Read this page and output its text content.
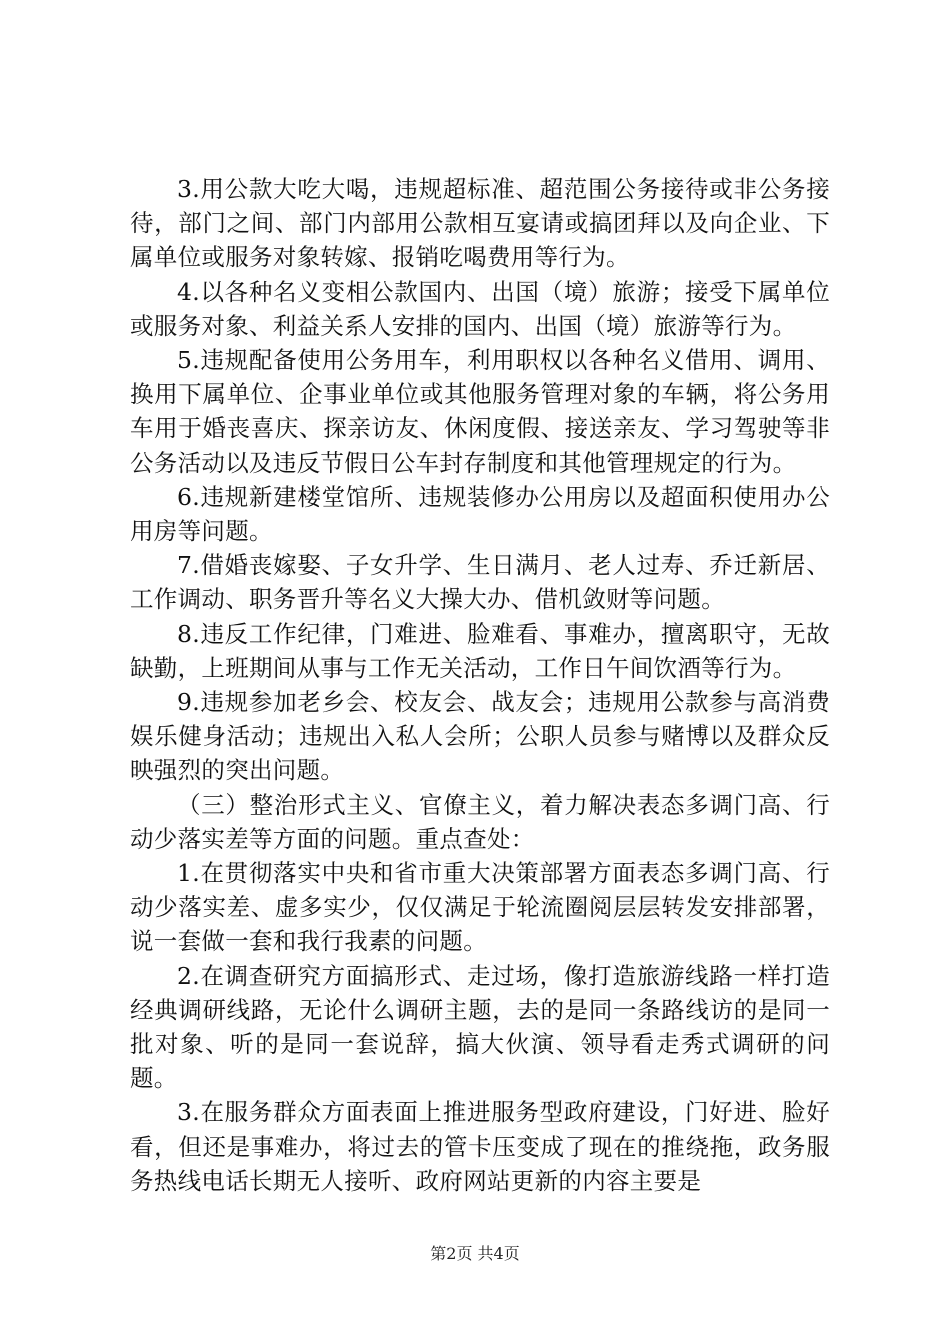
3.用公款大吃大喝，违规超标准、超范围公务接待或非公务接待，部门之间、部门内部用公款相互宴请或搞团拜以及向企业、下属单位或服务对象转嫁、报销吃喝费用等行为。

4.以各种名义变相公款国内、出国（境）旅游；接受下属单位或服务对象、利益关系人安排的国内、出国（境）旅游等行为。

5.违规配备使用公务用车，利用职权以各种名义借用、调用、换用下属单位、企事业单位或其他服务管理对象的车辆，将公务用车用于婚丧喜庆、探亲访友、休闲度假、接送亲友、学习驾驶等非公务活动以及违反节假日公车封存制度和其他管理规定的行为。

6.违规新建楼堂馆所、违规装修办公用房以及超面积使用办公用房等问题。

7.借婚丧嫁娶、子女升学、生日满月、老人过寿、乔迁新居、工作调动、职务晋升等名义大操大办、借机敛财等问题。

8.违反工作纪律，门难进、脸难看、事难办，擅离职守，无故缺勤，上班期间从事与工作无关活动，工作日午间饮酒等行为。

9.违规参加老乡会、校友会、战友会；违规用公款参与高消费娱乐健身活动；违规出入私人会所；公职人员参与赌博以及群众反映强烈的突出问题。

（三）整治形式主义、官僚主义，着力解决表态多调门高、行动少落实差等方面的问题。重点查处：

1.在贯彻落实中央和省市重大决策部署方面表态多调门高、行动少落实差、虚多实少，仅仅满足于轮流圈阅层层转发安排部署，说一套做一套和我行我素的问题。

2.在调查研究方面搞形式、走过场，像打造旅游线路一样打造经典调研线路，无论什么调研主题，去的是同一条路线访的是同一批对象、听的是同一套说辞，搞大伙演、领导看走秀式调研的问题。

3.在服务群众方面表面上推进服务型政府建设，门好进、脸好看，但还是事难办，将过去的管卡压变成了现在的推绕拖，政务服务热线电话长期无人接听、政府网站更新的内容主要是

第2页 共4页
